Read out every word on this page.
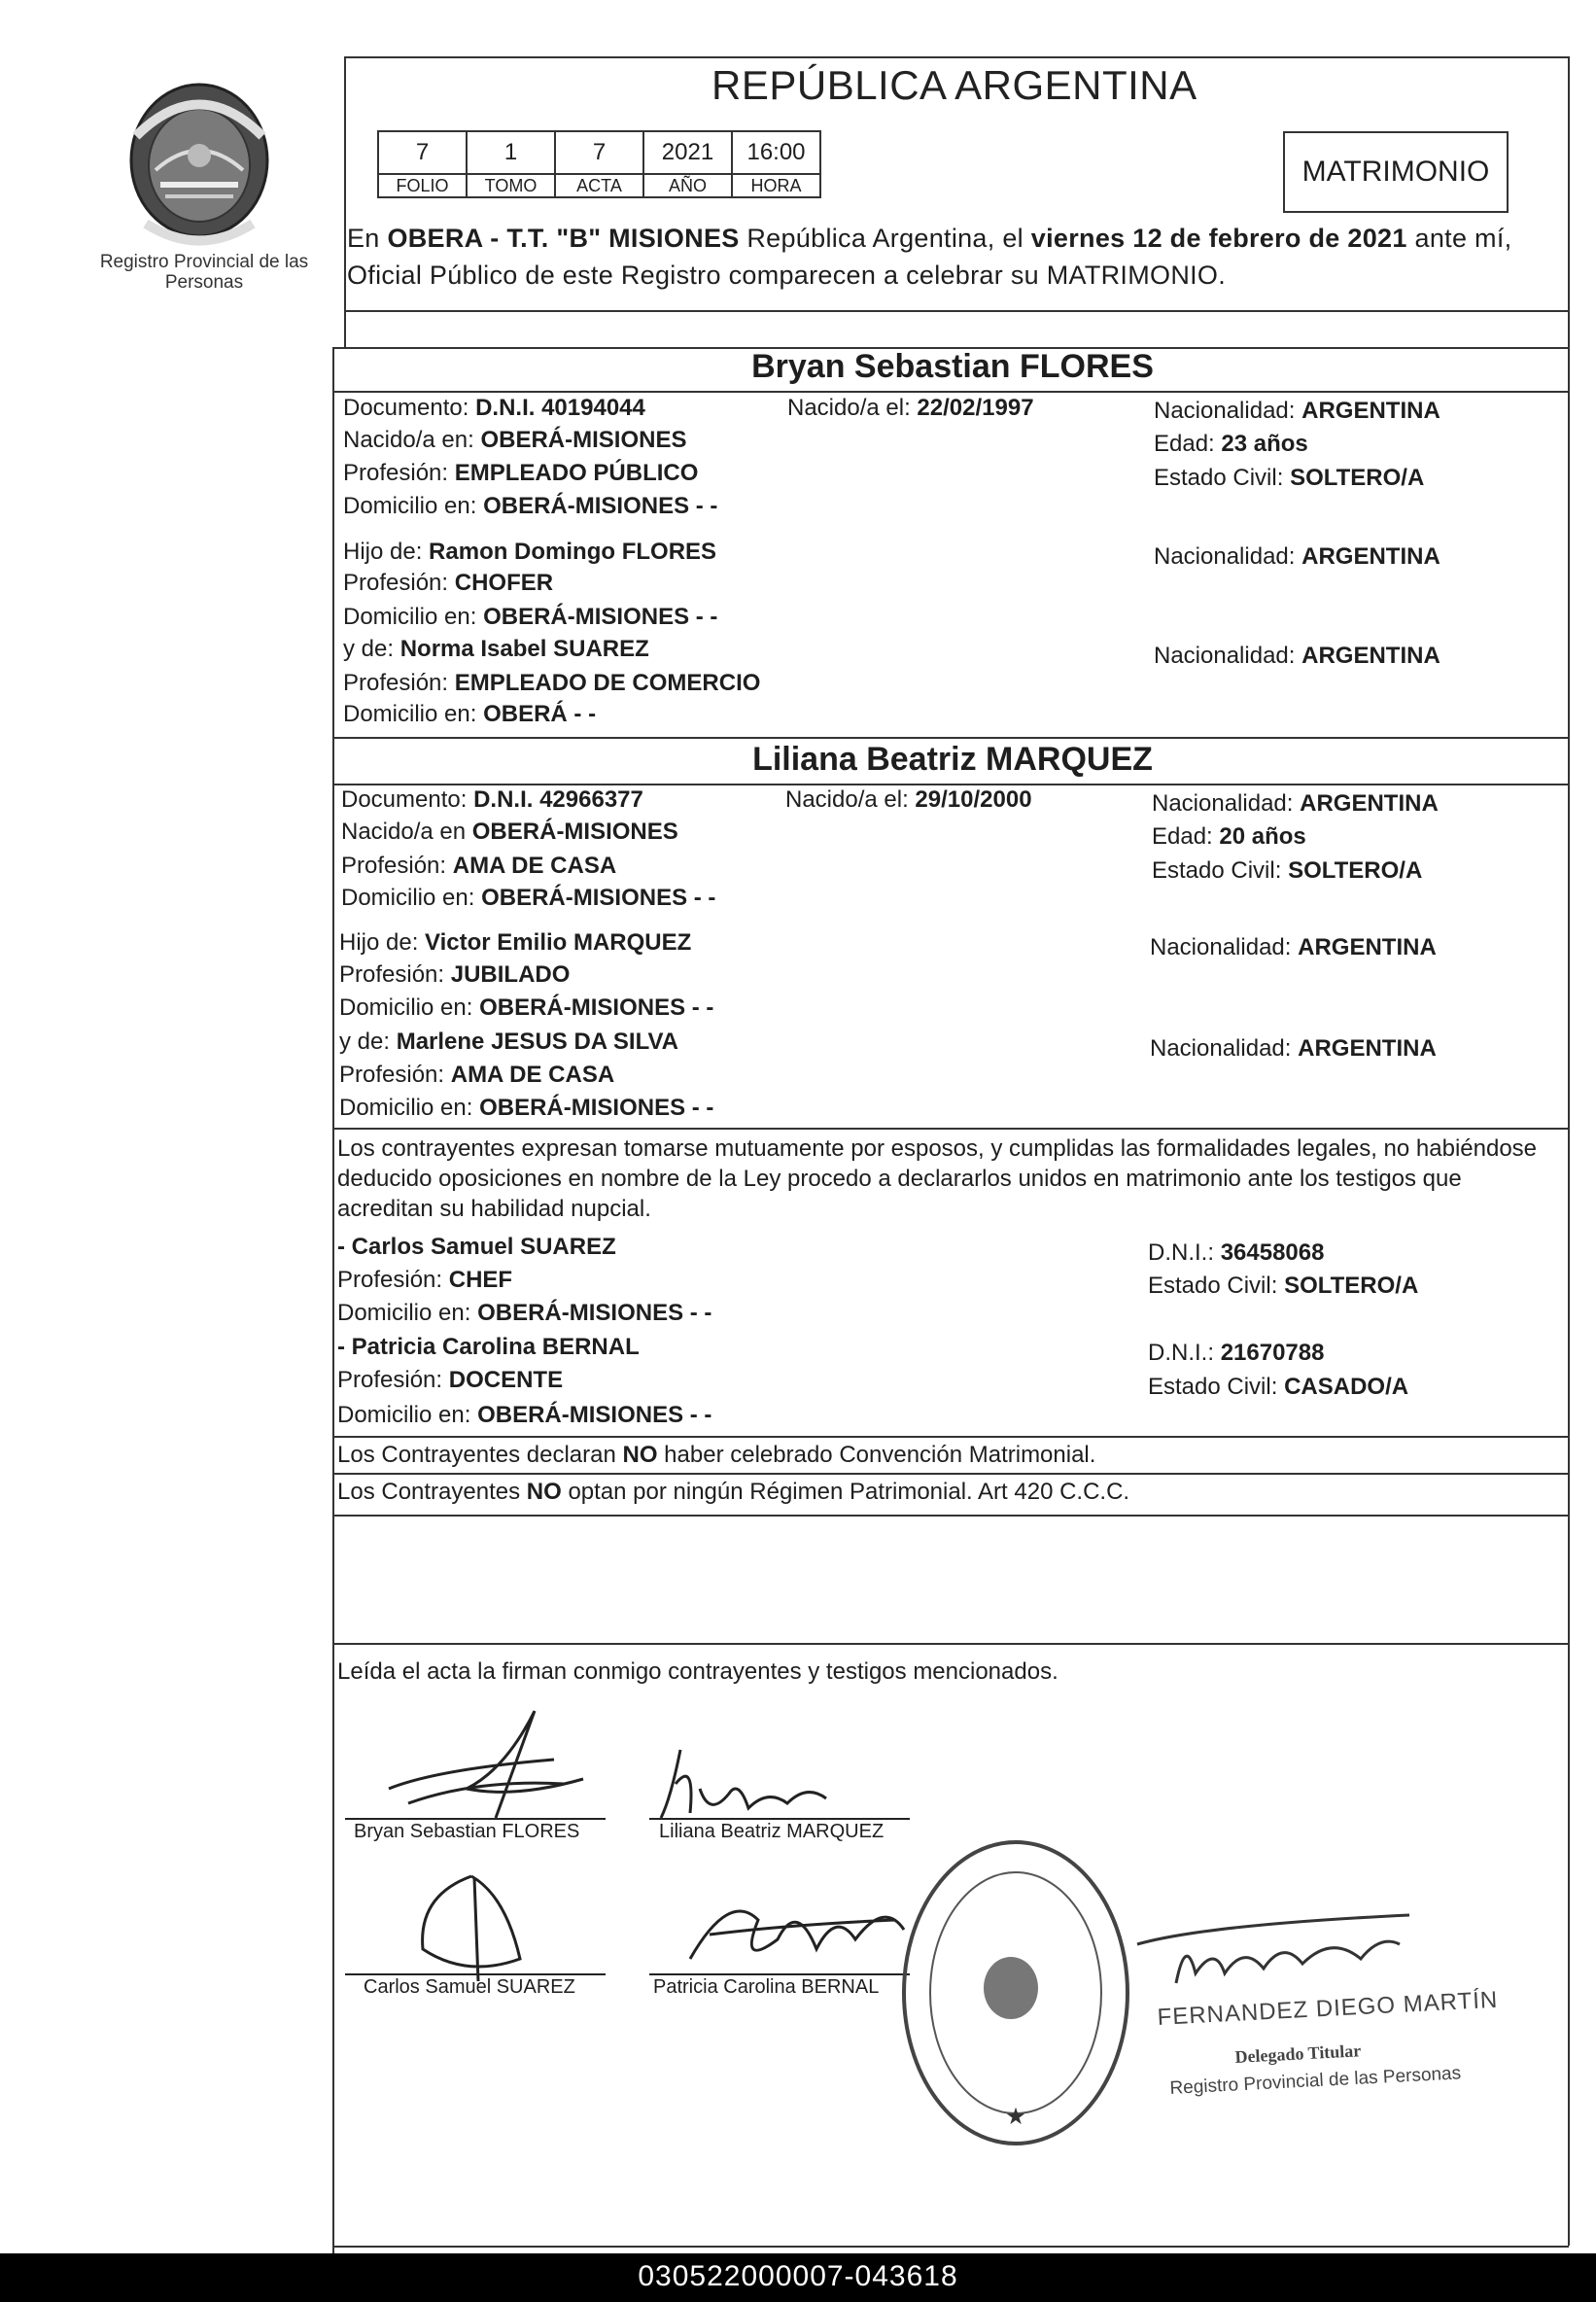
Registro Provincial de las Personas
REPÚBLICA ARGENTINA
7	1	7	2021	16:00
FOLIO	TOMO	ACTA	AÑO	HORA	MATRIMONIO
En OBERA - T.T. "B" MISIONES República Argentina, el viernes 12 de febrero de 2021 ante mí, Oficial Público de este Registro comparecen a celebrar su MATRIMONIO.
Bryan Sebastian FLORES
Documento: D.N.I. 40194044	Nacido/a el: 22/02/1997	Nacionalidad: ARGENTINA
Nacido/a en: OBERÁ-MISIONES	Edad: 23 años
Profesión: EMPLEADO PÚBLICO	Estado Civil: SOLTERO/A
Domicilio en: OBERÁ-MISIONES - -
Hijo de: Ramon Domingo FLORES	Nacionalidad: ARGENTINA
Profesión: CHOFER
Domicilio en: OBERÁ-MISIONES - -
y de: Norma Isabel SUAREZ	Nacionalidad: ARGENTINA
Profesión: EMPLEADO DE COMERCIO
Domicilio en: OBERÁ - -
Liliana Beatriz MARQUEZ
Documento: D.N.I. 42966377	Nacido/a el: 29/10/2000	Nacionalidad: ARGENTINA
Nacido/a en OBERÁ-MISIONES	Edad: 20 años
Profesión: AMA DE CASA	Estado Civil: SOLTERO/A
Domicilio en: OBERÁ-MISIONES - -
Hijo de: Victor Emilio MARQUEZ	Nacionalidad: ARGENTINA
Profesión: JUBILADO
Domicilio en: OBERÁ-MISIONES - -
y de: Marlene JESUS DA SILVA	Nacionalidad: ARGENTINA
Profesión: AMA DE CASA
Domicilio en: OBERÁ-MISIONES - -
Los contrayentes expresan tomarse mutuamente por esposos, y cumplidas las formalidades legales, no habiéndose deducido oposiciones en nombre de la Ley procedo a declararlos unidos en matrimonio ante los testigos que acreditan su habilidad nupcial.
- Carlos Samuel SUAREZ	D.N.I.: 36458068
Profesión: CHEF	Estado Civil: SOLTERO/A
Domicilio en: OBERÁ-MISIONES - -
- Patricia Carolina BERNAL	D.N.I.: 21670788
Profesión: DOCENTE	Estado Civil: CASADO/A
Domicilio en: OBERÁ-MISIONES - -
Los Contrayentes declaran NO haber celebrado Convención Matrimonial.
Los Contrayentes NO optan por ningún Régimen Patrimonial. Art 420 C.C.C.
Leída el acta la firman conmigo contrayentes y testigos mencionados.
Bryan Sebastian FLORES	Liliana Beatriz MARQUEZ
Carlos Samuel SUAREZ	Patricia Carolina BERNAL
★
FERNANDEZ DIEGO MARTÍN
Delegado Titular
Registro Provincial de las Personas
030522000007-043618
